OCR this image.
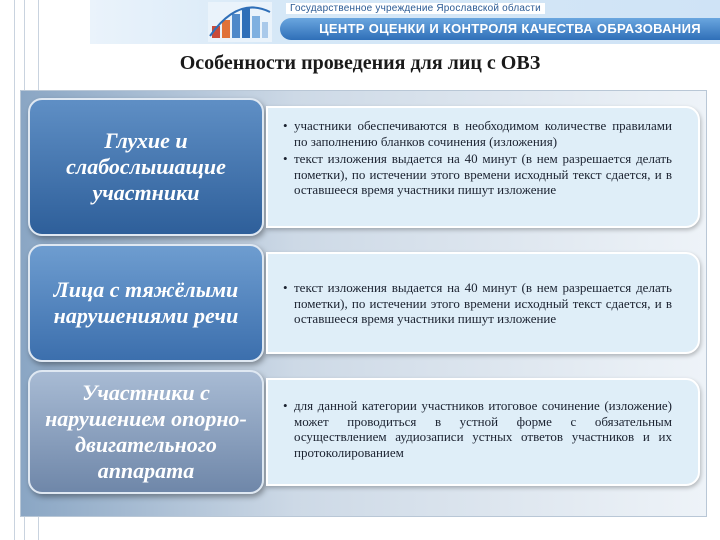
Государственное учреждение Ярославской области
ЦЕНТР ОЦЕНКИ И КОНТРОЛЯ КАЧЕСТВА ОБРАЗОВАНИЯ
Особенности проведения для лиц с ОВЗ
Глухие и
слабослышащие
участники
• участники обеспечиваются в необходимом количестве правилами по заполнению бланков сочинения (изложения)
• текст изложения выдается на 40 минут (в нем разрешается делать пометки), по истечении этого времени исходный текст сдается, и в оставшееся время участники пишут изложение
Лица с тяжёлыми
нарушениями речи
• текст изложения выдается на 40 минут (в нем разрешается делать пометки), по истечении этого времени исходный текст сдается, и в оставшееся время участники пишут изложение
Участники с
нарушением опорно-
двигательного
аппарата
• для данной категории участников итоговое сочинение (изложение) может проводиться в устной форме с обязательным осуществлением аудиозаписи устных ответов участников и их протоколированием
